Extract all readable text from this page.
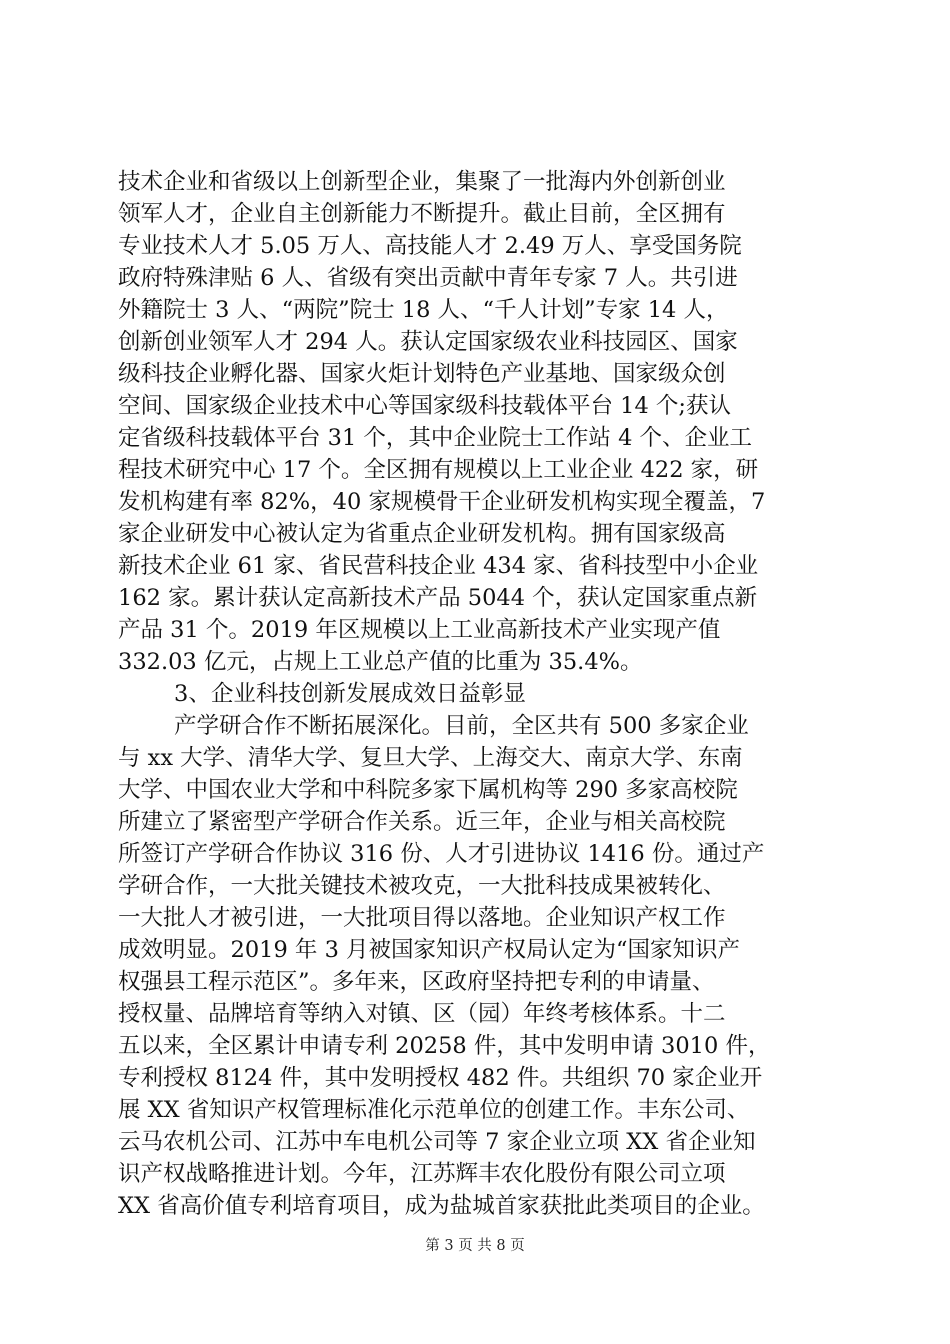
技术企业和省级以上创新型企业，集聚了一批海内外创新创业
领军人才，企业自主创新能力不断提升。截止目前，全区拥有
专业技术人才 5.05 万人、高技能人才 2.49 万人、享受国务院
政府特殊津贴 6 人、省级有突出贡献中青年专家 7 人。共引进
外籍院士 3 人、“两院”院士 18 人、“千人计划”专家 14 人，
创新创业领军人才 294 人。获认定国家级农业科技园区、国家
级科技企业孵化器、国家火炬计划特色产业基地、国家级众创
空间、国家级企业技术中心等国家级科技载体平台 14 个;获认
定省级科技载体平台 31 个，其中企业院士工作站 4 个、企业工
程技术研究中心 17 个。全区拥有规模以上工业企业 422 家，研
发机构建有率 82%，40 家规模骨干企业研发机构实现全覆盖，7
家企业研发中心被认定为省重点企业研发机构。拥有国家级高
新技术企业 61 家、省民营科技企业 434 家、省科技型中小企业
162 家。累计获认定高新技术产品 5044 个，获认定国家重点新
产品 31 个。2019 年区规模以上工业高新技术产业实现产值
332.03 亿元，占规上工业总产值的比重为 35.4%。
3、企业科技创新发展成效日益彰显
产学研合作不断拓展深化。目前，全区共有 500 多家企业
与 xx 大学、清华大学、复旦大学、上海交大、南京大学、东南
大学、中国农业大学和中科院多家下属机构等 290 多家高校院
所建立了紧密型产学研合作关系。近三年，企业与相关高校院
所签订产学研合作协议 316 份、人才引进协议 1416 份。通过产
学研合作，一大批关键技术被攻克，一大批科技成果被转化、
一大批人才被引进，一大批项目得以落地。企业知识产权工作
成效明显。2019 年 3 月被国家知识产权局认定为“国家知识产
权强县工程示范区”。多年来，区政府坚持把专利的申请量、
授权量、品牌培育等纳入对镇、区（园）年终考核体系。十二
五以来，全区累计申请专利 20258 件，其中发明申请 3010 件，
专利授权 8124 件，其中发明授权 482 件。共组织 70 家企业开
展 XX 省知识产权管理标准化示范单位的创建工作。丰东公司、
云马农机公司、江苏中车电机公司等 7 家企业立项 XX 省企业知
识产权战略推进计划。今年，江苏辉丰农化股份有限公司立项
XX 省高价值专利培育项目，成为盐城首家获批此类项目的企业。
第 3 页 共 8 页
